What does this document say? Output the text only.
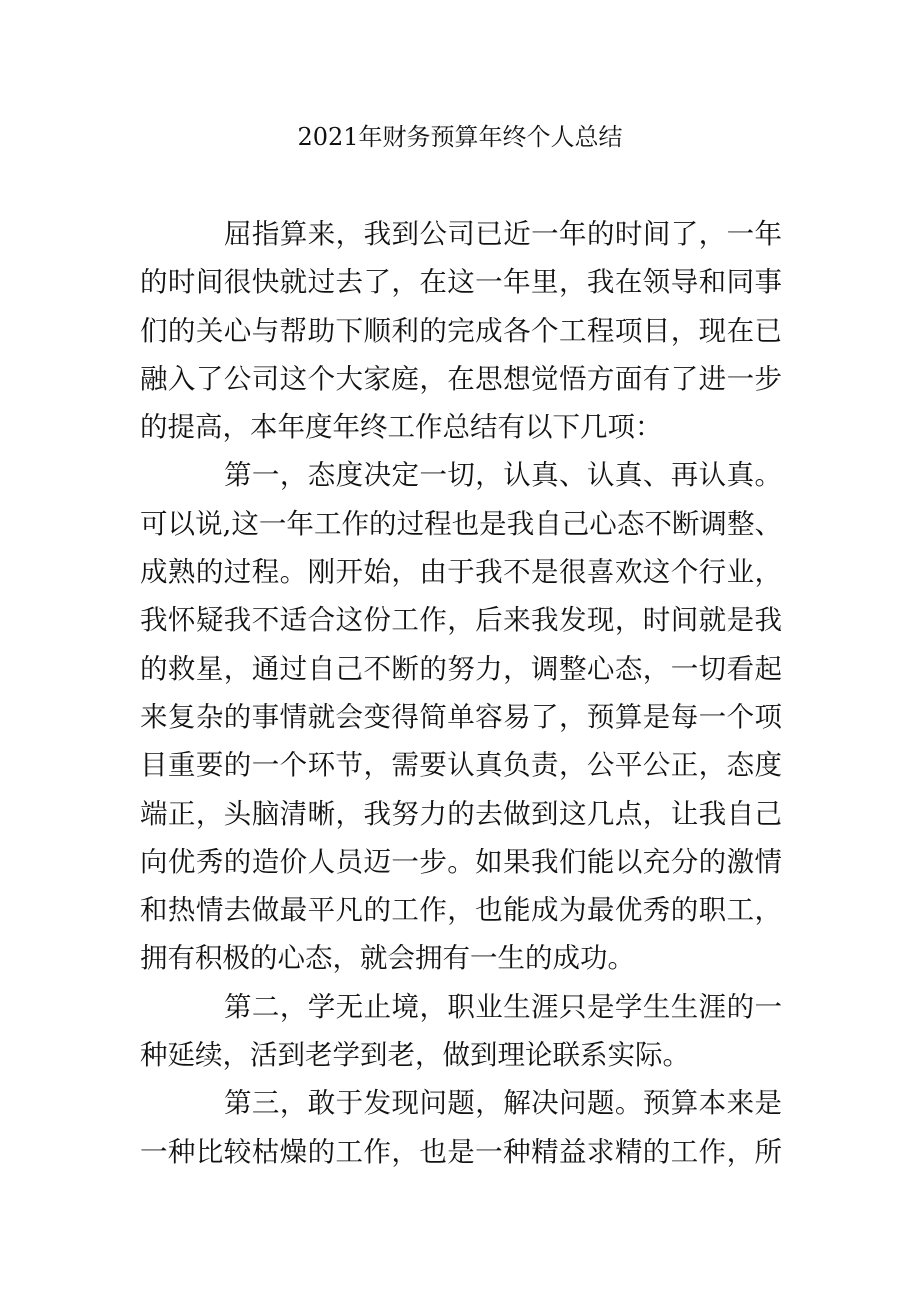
2021年财务预算年终个人总结
屈指算来，我到公司已近一年的时间了，一年
的时间很快就过去了，在这一年里，我在领导和同事
们的关心与帮助下顺利的完成各个工程项目，现在已
融入了公司这个大家庭，在思想觉悟方面有了进一步
的提高，本年度年终工作总结有以下几项：
第一，态度决定一切，认真、认真、再认真。
可以说,这一年工作的过程也是我自己心态不断调整、
成熟的过程。刚开始，由于我不是很喜欢这个行业，
我怀疑我不适合这份工作，后来我发现，时间就是我
的救星，通过自己不断的努力，调整心态，一切看起
来复杂的事情就会变得简单容易了，预算是每一个项
目重要的一个环节，需要认真负责，公平公正，态度
端正，头脑清晰，我努力的去做到这几点，让我自己
向优秀的造价人员迈一步。如果我们能以充分的激情
和热情去做最平凡的工作，也能成为最优秀的职工，
拥有积极的心态，就会拥有一生的成功。
第二，学无止境，职业生涯只是学生生涯的一
种延续，活到老学到老，做到理论联系实际。
第三，敢于发现问题，解决问题。预算本来是
一种比较枯燥的工作，也是一种精益求精的工作，所
